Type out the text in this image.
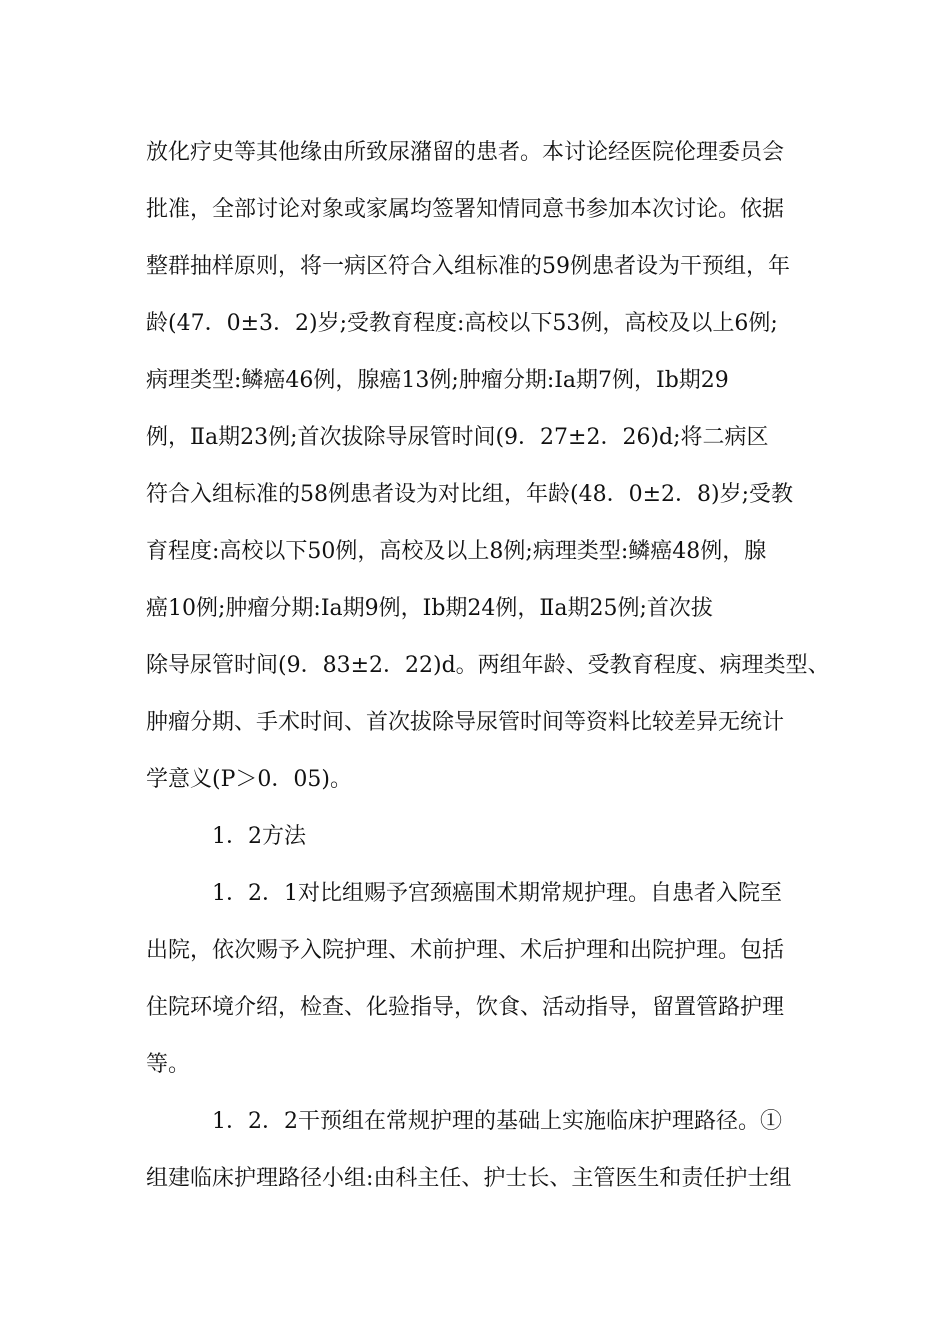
放化疗史等其他缘由所致尿潴留的患者。本讨论经医院伦理委员会
批准，全部讨论对象或家属均签署知情同意书参加本次讨论。依据
整群抽样原则，将一病区符合入组标准的59例患者设为干预组，年
龄(47．0±3．2)岁;受教育程度:高校以下53例，高校及以上6例;
病理类型:鳞癌46例，腺癌13例;肿瘤分期:Ⅰa期7例，Ⅰb期29
例，Ⅱa期23例;首次拔除导尿管时间(9．27±2．26)d;将二病区
符合入组标准的58例患者设为对比组，年龄(48．0±2．8)岁;受教
育程度:高校以下50例，高校及以上8例;病理类型:鳞癌48例，腺
癌10例;肿瘤分期:Ⅰa期9例，Ⅰb期24例，Ⅱa期25例;首次拔
除导尿管时间(9．83±2．22)d。两组年龄、受教育程度、病理类型、
肿瘤分期、手术时间、首次拔除导尿管时间等资料比较差异无统计
学意义(P＞0．05)。
1．2方法
1．2．1对比组赐予宫颈癌围术期常规护理。自患者入院至
出院，依次赐予入院护理、术前护理、术后护理和出院护理。包括
住院环境介绍，检查、化验指导，饮食、活动指导，留置管路护理
等。
1．2．2干预组在常规护理的基础上实施临床护理路径。①
组建临床护理路径小组:由科主任、护士长、主管医生和责任护士组
